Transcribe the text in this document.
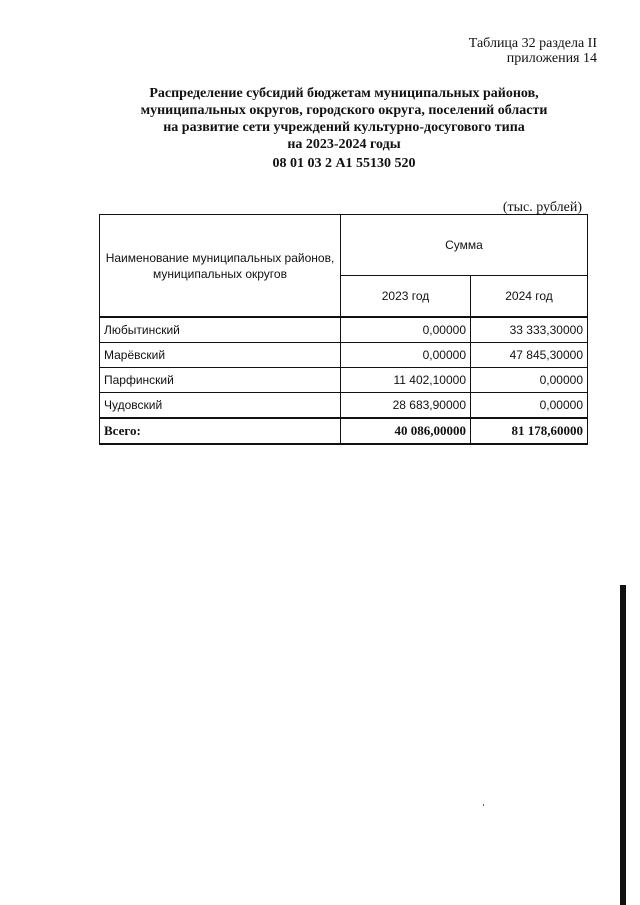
Таблица 32 раздела II
приложения 14
Распределение субсидий бюджетам муниципальных районов,
муниципальных округов, городского округа, поселений области
на развитие сети учреждений культурно-досугового типа
на 2023-2024 годы
08 01 03 2 А1 55130 520
(тыс. рублей)
Наименование муниципальных районов, муниципальных округов	Сумма	
	2023 год	2024 год
Любытинский	0,00000	33 333,30000
Марёвский	0,00000	47 845,30000
Парфинский	11 402,10000	0,00000
Чудовский	28 683,90000	0,00000
Всего:	40 086,00000	81 178,60000
